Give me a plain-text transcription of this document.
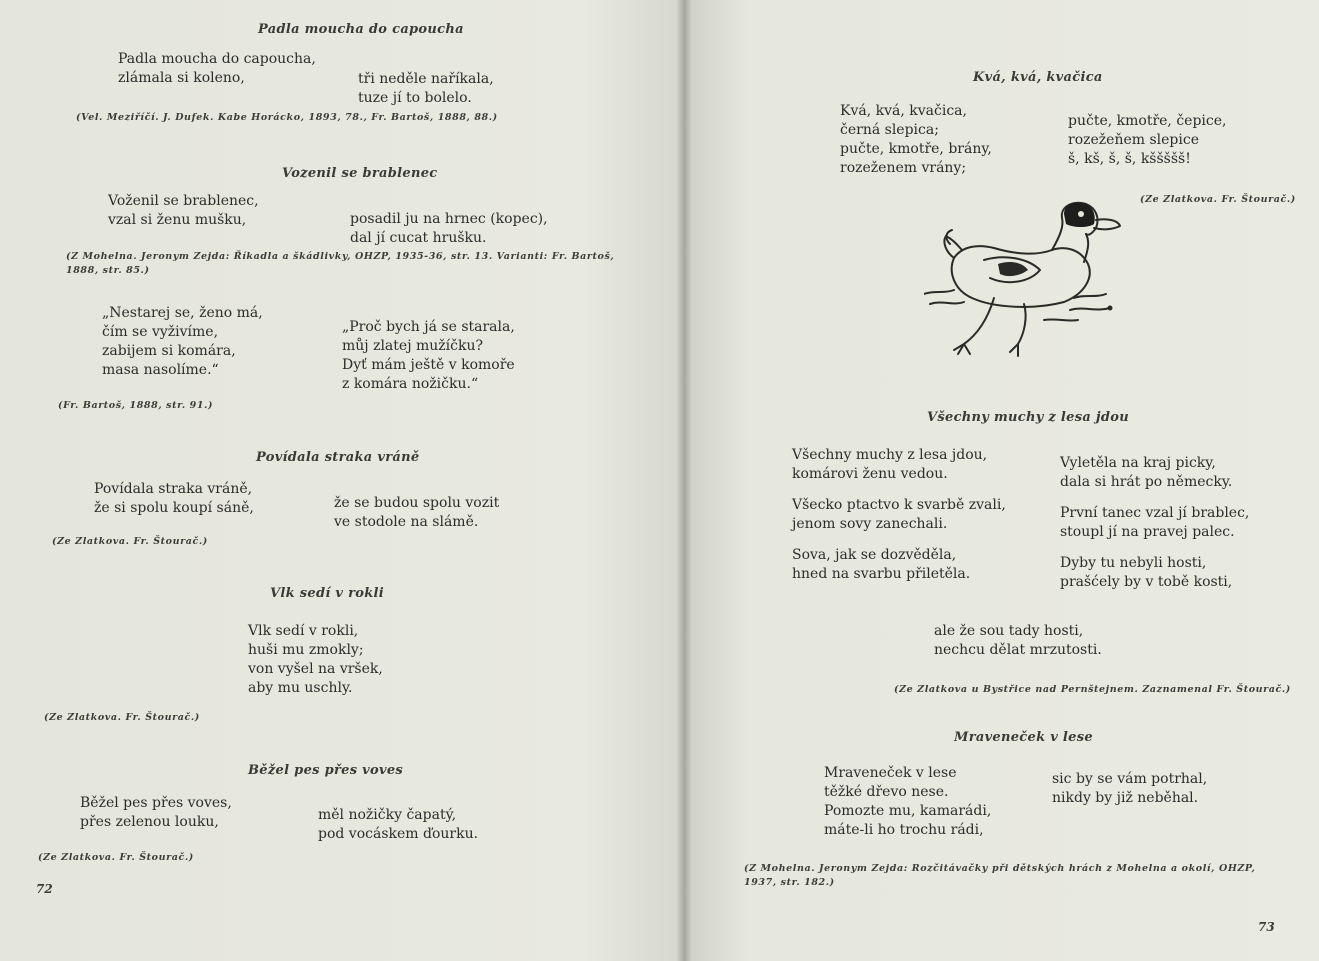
Padla moucha do capoucha
Padla moucha do capoucha,
zlámala si koleno,	tři neděle naříkala,
tuze jí to bolelo.
(Vel. Meziříčí. J. Dufek. Kabe Horácko, 1893, 78., Fr. Bartoš, 1888, 88.)
Vozenil se brablenec
Voženil se brablenec,
vzal si ženu mušku,	posadil ju na hrnec (kopec),
dal jí cucat hrušku.
(Z Mohelna. Jeronym Zejda: Říkadla a škádlivky, OHZP, 1935-36, str. 13. Varianti: Fr. Bartoš, 1888, str. 85.)
„Nestarej se, ženo má,
čím se vyživíme,
zabijem si komára,
masa nasolíme.“
„Proč bych já se starala,
můj zlatej mužíčku?
Dyť mám ještě v komoře
z komára nožičku.“
(Fr. Bartoš, 1888, str. 91.)
Povídala straka vráně
Povídala straka vráně,
že si spolu koupí sáně,	že se budou spolu vozit
ve stodole na slámě.
(Ze Zlatkova. Fr. Štourač.)
Vlk sedí v rokli
Vlk sedí v rokli,
huši mu zmokly;
von vyšel na vršek,
aby mu uschly.
(Ze Zlatkova. Fr. Štourač.)
Běžel pes přes voves
Běžel pes přes voves,
přes zelenou louku,	měl nožičky čapatý,
pod vocáskem ďourku.
(Ze Zlatkova. Fr. Štourač.)
72
Kvá, kvá, kvačica
Kvá, kvá, kvačica,
černá slepica;
pučte, kmotře, brány,
rozeženem vrány;
pučte, kmotře, čepice,
rozežeňem slepice
š, kš, š, š, kššššš!
(Ze Zlatkova. Fr. Štourač.)
Všechny muchy z lesa jdou
Všechny muchy z lesa jdou,
komárovi ženu vedou.
Všecko ptactvo k svarbě zvali,
jenom sovy zanechali.
Sova, jak se dozvěděla,
hned na svarbu přiletěla.
Vyletěla na kraj picky,
dala si hrát po německy.
První tanec vzal jí brablec,
stoupl jí na pravej palec.
Dyby tu nebyli hosti,
prašćely by v tobě kosti,
ale že sou tady hosti,
nechcu dělat mrzutosti.
(Ze Zlatkova u Bystřice nad Pernštejnem. Zaznamenal Fr. Štourač.)
Mraveneček v lese
Mraveneček v lese
těžké dřevo nese.
Pomozte mu, kamarádi,
máte-li ho trochu rádi,
sic by se vám potrhal,
nikdy by již neběhal.
(Z Mohelna. Jeronym Zejda: Rozčitávačky při dětských hrách z Mohelna a okolí, OHZP, 1937, str. 182.)
73
